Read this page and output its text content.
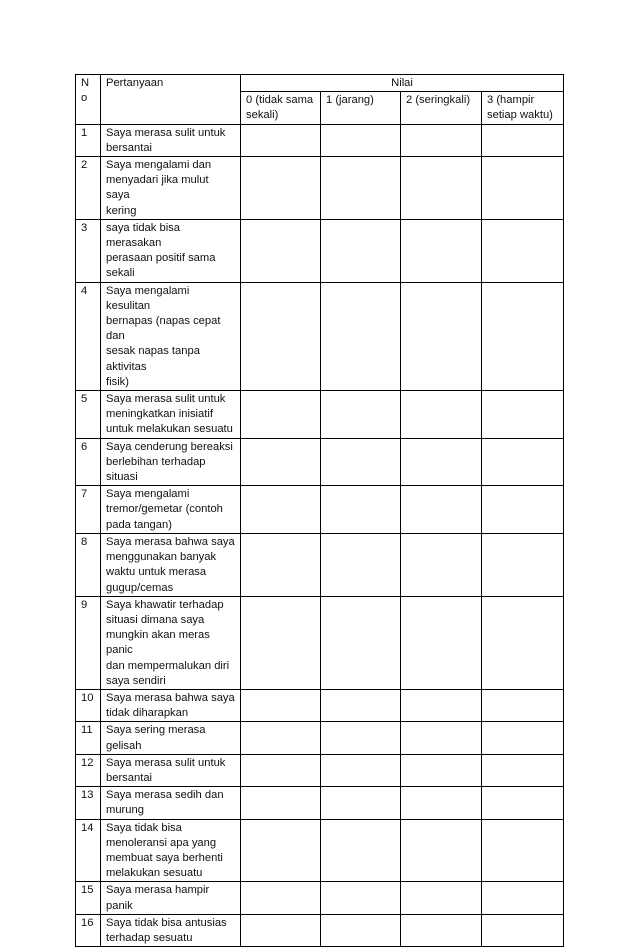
No	Pertanyaan	Nilai			
		0 (tidak sama
sekali)	1 (jarang)	2 (seringkali)	3 (hampir
setiap waktu)
1	Saya merasa sulit untuk
bersantai				
2	Saya mengalami dan
menyadari jika mulut saya
kering				
3	saya tidak bisa merasakan
perasaan positif sama
sekali				
4	Saya mengalami kesulitan
bernapas (napas cepat dan
sesak napas tanpa aktivitas
fisik)				
5	Saya merasa sulit untuk
meningkatkan inisiatif
untuk melakukan sesuatu				
6	Saya cenderung bereaksi
berlebihan terhadap situasi				
7	Saya mengalami
tremor/gemetar (contoh
pada tangan)				
8	Saya merasa bahwa saya
menggunakan banyak
waktu untuk merasa
gugup/cemas				
9	Saya khawatir terhadap
situasi dimana saya
mungkin akan meras panic
dan mempermalukan diri
saya sendiri				
10	Saya merasa bahwa saya
tidak diharapkan				
11	Saya sering merasa gelisah				
12	Saya merasa sulit untuk
bersantai				
13	Saya merasa sedih dan
murung				
14	Saya tidak bisa
menoleransi apa yang
membuat saya berhenti
melakukan sesuatu				
15	Saya merasa hampir panik				
16	Saya tidak bisa antusias
terhadap sesuatu				
